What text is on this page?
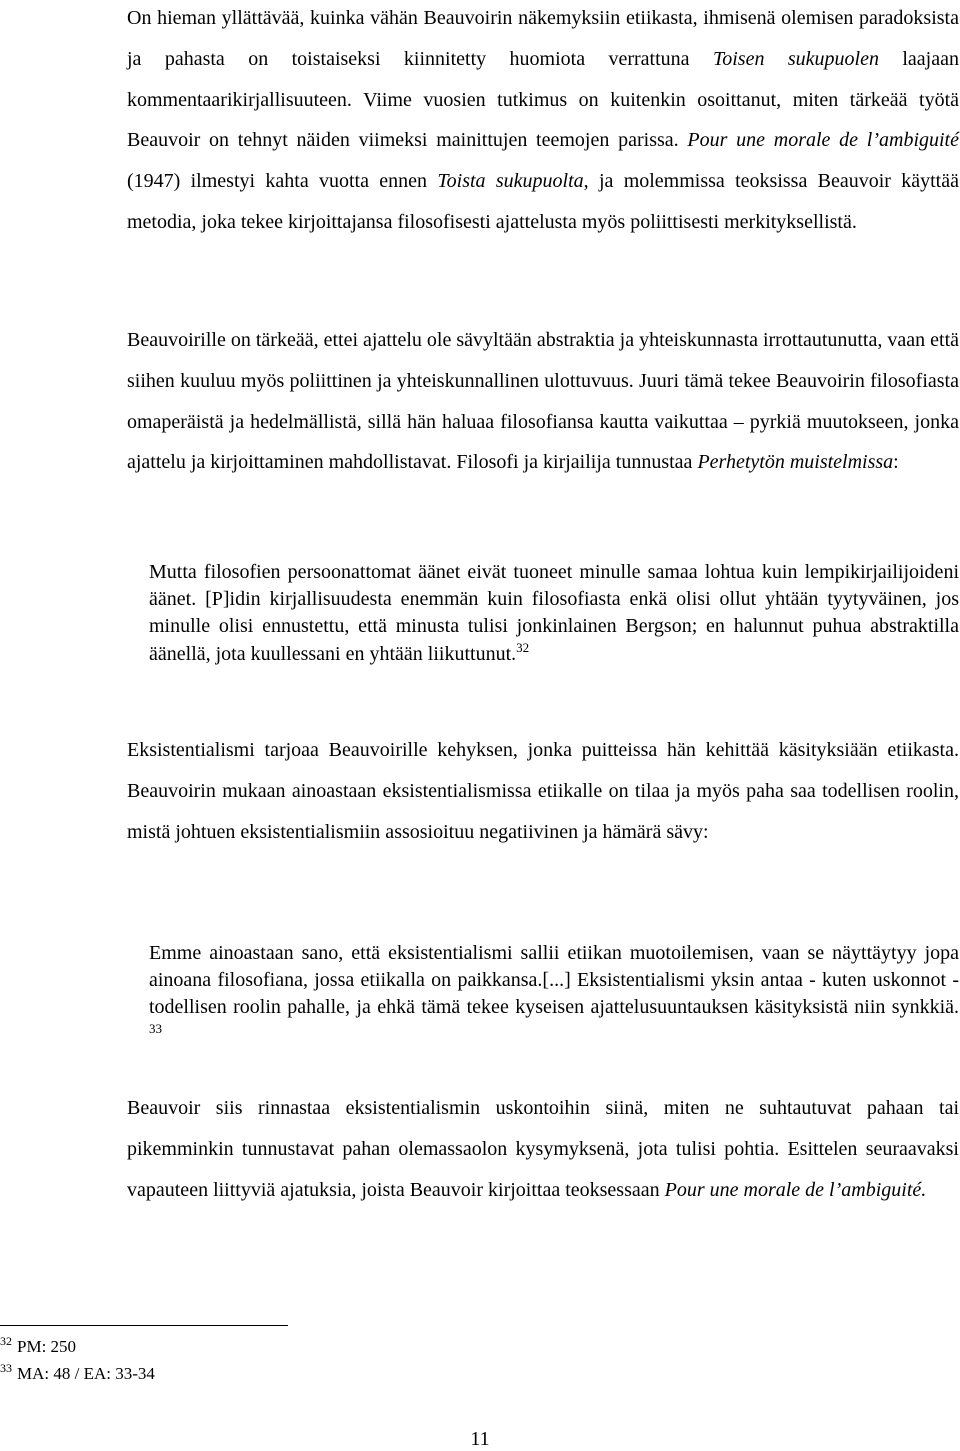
On hieman yllättävää, kuinka vähän Beauvoirin näkemyksiin etiikasta, ihmisenä olemisen paradoksista ja pahasta on toistaiseksi kiinnitetty huomiota verrattuna Toisen sukupuolen laajaan kommentaarikirjallisuuteen. Viime vuosien tutkimus on kuitenkin osoittanut, miten tärkeää työtä Beauvoir on tehnyt näiden viimeksi mainittujen teemojen parissa. Pour une morale de l’ambiguité (1947) ilmestyi kahta vuotta ennen Toista sukupuolta, ja molemmissa teoksissa Beauvoir käyttää metodia, joka tekee kirjoittajansa filosofisesti ajattelusta myös poliittisesti merkityksellistä.

Beauvoirille on tärkeää, ettei ajattelu ole sävyltään abstraktia ja yhteiskunnasta irrottautunutta, vaan että siihen kuuluu myös poliittinen ja yhteiskunnallinen ulottuvuus. Juuri tämä tekee Beauvoirin filosofiasta omaperäistä ja hedelmällistä, sillä hän haluaa filosofiansa kautta vaikuttaa – pyrkiä muutokseen, jonka ajattelu ja kirjoittaminen mahdollistavat. Filosofi ja kirjailija tunnustaa Perhetytön muistelmissa:

Mutta filosofien persoonattomat äänet eivät tuoneet minulle samaa lohtua kuin lempikirjailijoideni äänet. [P]idin kirjallisuudesta enemmän kuin filosofiasta enkä olisi ollut yhtään tyytyväinen, jos minulle olisi ennustettu, että minusta tulisi jonkinlainen Bergson; en halunnut puhua abstraktilla äänellä, jota kuullessani en yhtään liikuttunut.$^{32}$

Eksistentialismi tarjoaa Beauvoirille kehyksen, jonka puitteissa hän kehittää käsityksiään etiikasta. Beauvoirin mukaan ainoastaan eksistentialismissa etiikalle on tilaa ja myös paha saa todellisen roolin, mistä johtuen eksistentialismiin assosioituu negatiivinen ja hämärä sävy:

Emme ainoastaan sano, että eksistentialismi sallii etiikan muotoilemisen, vaan se näyttäytyy jopa ainoana filosofiana, jossa etiikalla on paikkansa.[...] Eksistentialismi yksin antaa - kuten uskonnot - todellisen roolin pahalle, ja ehkä tämä tekee kyseisen ajattelusuuntauksen käsityksistä niin synkkiä. $^{33}$

Beauvoir siis rinnastaa eksistentialismin uskontoihin siinä, miten ne suhtautuvat pahaan tai pikemminkin tunnustavat pahan olemassaolon kysymyksenä, jota tulisi pohtia. Esittelen seuraavaksi vapauteen liittyviä ajatuksia, joista Beauvoir kirjoittaa teoksessaan Pour une morale de l’ambiguité.

$^{32}$ PM: 250
$^{33}$ MA: 48 / EA: 33-34
11
